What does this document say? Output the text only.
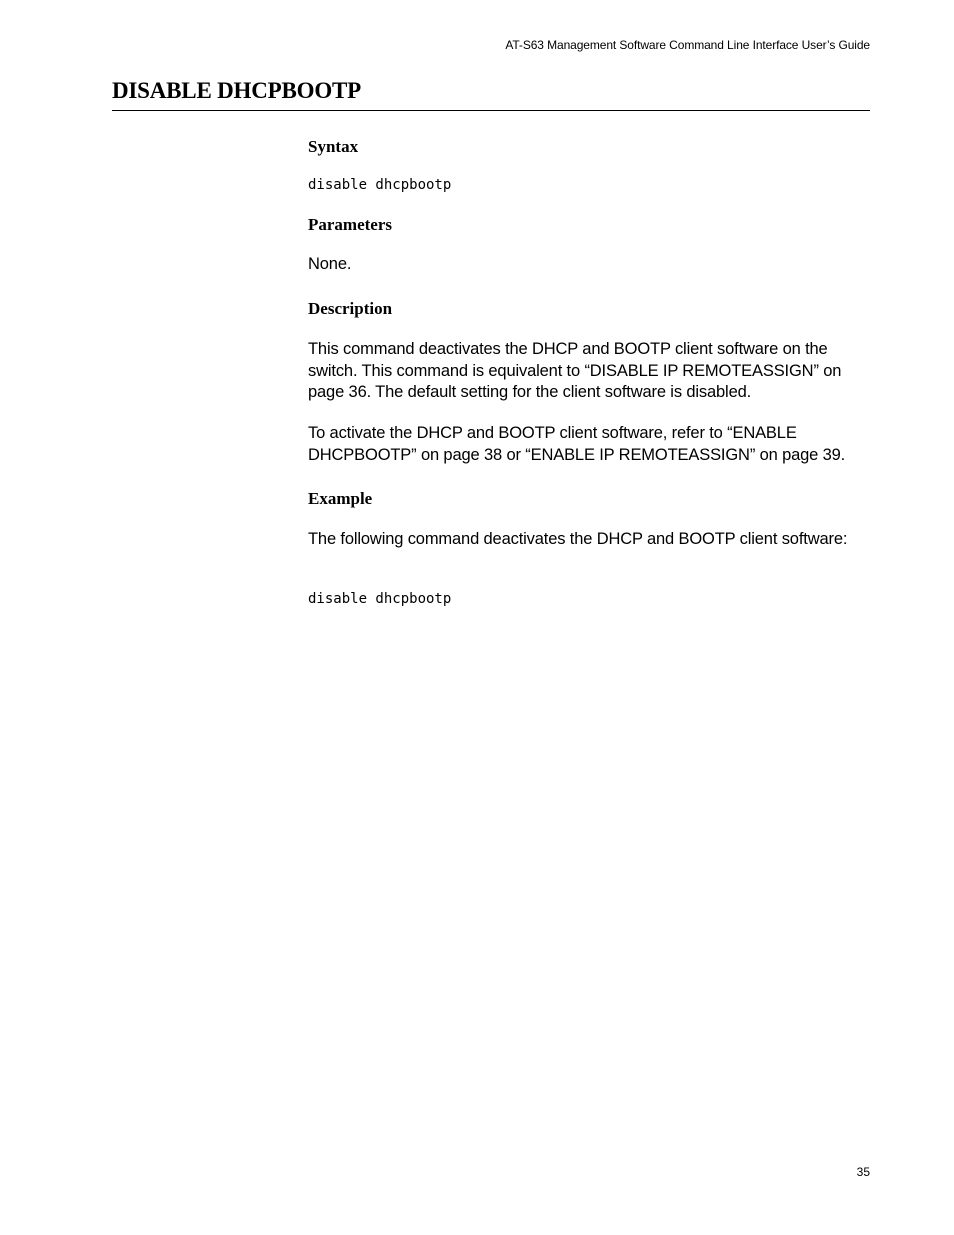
AT-S63 Management Software Command Line Interface User’s Guide
DISABLE DHCPBOOTP
Syntax
disable dhcpbootp
Parameters

None.

Description

This command deactivates the DHCP and BOOTP client software on the switch. This command is equivalent to “DISABLE IP REMOTEASSIGN” on page 36. The default setting for the client software is disabled.

To activate the DHCP and BOOTP client software, refer to “ENABLE DHCPBOOTP” on page 38 or “ENABLE IP REMOTEASSIGN” on page 39.

Example

The following command deactivates the DHCP and BOOTP client software:

disable dhcpbootp
35
